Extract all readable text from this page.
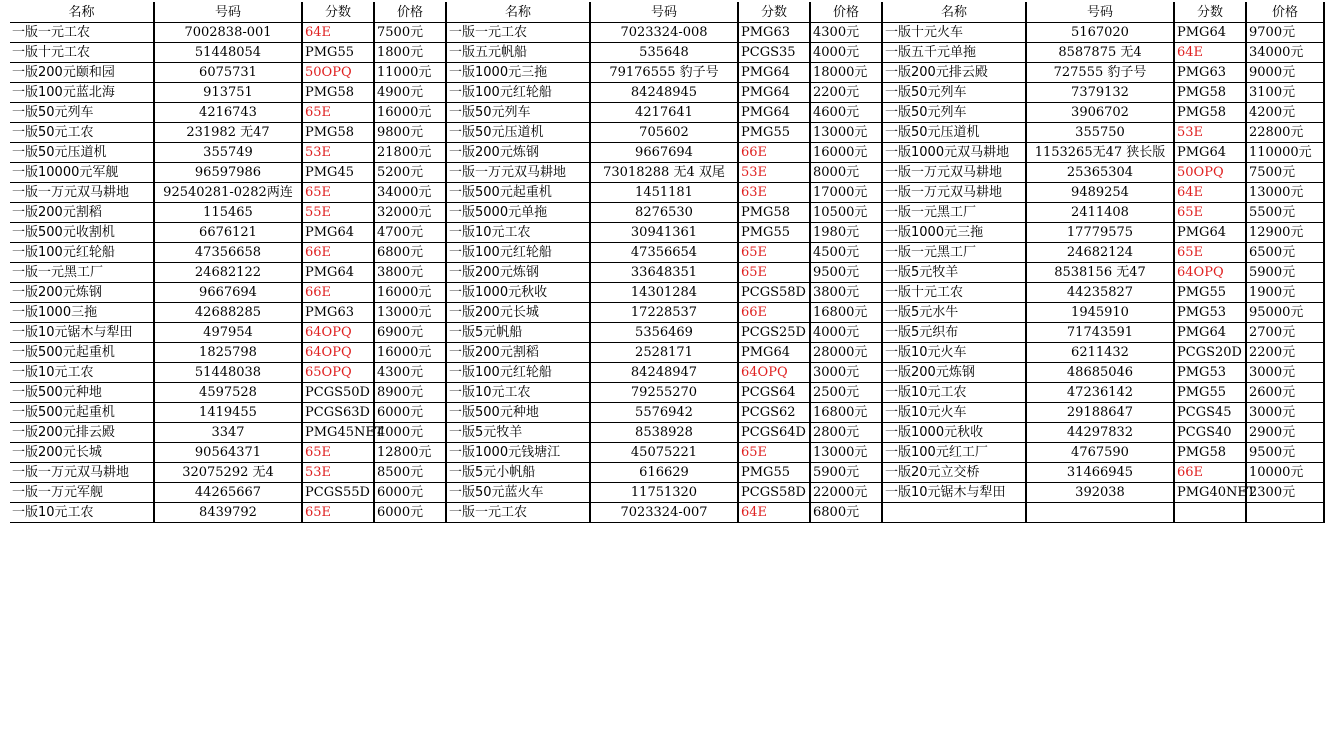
名称	号码	分数	价格	名称	号码	分数	价格	名称	号码	分数	价格
一版一元工农	7002838-001	64E	7500元	一版一元工农	7023324-008	PMG63	4300元	一版十元火车	5167020	PMG64	9700元
一版十元工农	51448054	PMG55	1800元	一版五元帆船	535648	PCGS35	4000元	一版五千元单拖	8587875 无4	64E	34000元
一版200元颐和园	6075731	50OPQ	11000元	一版1000元三拖	79176555 豹子号	PMG64	18000元	一版200元排云殿	727555 豹子号	PMG63	9000元
一版100元蓝北海	913751	PMG58	4900元	一版100元红轮船	84248945	PMG64	2200元	一版50元列车	7379132	PMG58	3100元
一版50元列车	4216743	65E	16000元	一版50元列车	4217641	PMG64	4600元	一版50元列车	3906702	PMG58	4200元
一版50元工农	231982 无47	PMG58	9800元	一版50元压道机	705602	PMG55	13000元	一版50元压道机	355750	53E	22800元
一版50元压道机	355749	53E	21800元	一版200元炼钢	9667694	66E	16000元	一版1000元双马耕地	1153265无47 狭长版	PMG64	110000元
一版10000元军舰	96597986	PMG45	5200元	一版一万元双马耕地	73018288 无4 双尾	53E	8000元	一版一万元双马耕地	25365304	50OPQ	7500元
一版一万元双马耕地	92540281-0282两连	65E	34000元	一版500元起重机	1451181	63E	17000元	一版一万元双马耕地	9489254	64E	13000元
一版200元割稻	115465	55E	32000元	一版5000元单拖	8276530	PMG58	10500元	一版一元黑工厂	2411408	65E	5500元
一版500元收割机	6676121	PMG64	4700元	一版10元工农	30941361	PMG55	1980元	一版1000元三拖	17779575	PMG64	12900元
一版100元红轮船	47356658	66E	6800元	一版100元红轮船	47356654	65E	4500元	一版一元黑工厂	24682124	65E	6500元
一版一元黑工厂	24682122	PMG64	3800元	一版200元炼钢	33648351	65E	9500元	一版5元牧羊	8538156 无47	64OPQ	5900元
一版200元炼钢	9667694	66E	16000元	一版1000元秋收	14301284	PCGS58D	3800元	一版十元工农	44235827	PMG55	1900元
一版1000三拖	42688285	PMG63	13000元	一版200元长城	17228537	66E	16800元	一版5元水牛	1945910	PMG53	95000元
一版10元锯木与犁田	497954	64OPQ	6900元	一版5元帆船	5356469	PCGS25D	4000元	一版5元织布	71743591	PMG64	2700元
一版500元起重机	1825798	64OPQ	16000元	一版200元割稻	2528171	PMG64	28000元	一版10元火车	6211432	PCGS20D	2200元
一版10元工农	51448038	65OPQ	4300元	一版100元红轮船	84248947	64OPQ	3000元	一版200元炼钢	48685046	PMG53	3000元
一版500元种地	4597528	PCGS50D	8900元	一版10元工农	79255270	PCGS64	2500元	一版10元工农	47236142	PMG55	2600元
一版500元起重机	1419455	PCGS63D	6000元	一版500元种地	5576942	PCGS62	16800元	一版10元火车	29188647	PCGS45	3000元
一版200元排云殿	3347	PMG45NET	4000元	一版5元牧羊	8538928	PCGS64D	2800元	一版1000元秋收	44297832	PCGS40	2900元
一版200元长城	90564371	65E	12800元	一版1000元钱塘江	45075221	65E	13000元	一版100元红工厂	4767590	PMG58	9500元
一版一万元双马耕地	32075292 无4	53E	8500元	一版5元小帆船	616629	PMG55	5900元	一版20元立交桥	31466945	66E	10000元
一版一万元军舰	44265667	PCGS55D	6000元	一版50元蓝火车	11751320	PCGS58D	22000元	一版10元锯木与犁田	392038	PMG40NET	2300元
一版10元工农	8439792	65E	6000元	一版一元工农	7023324-007	64E	6800元				
